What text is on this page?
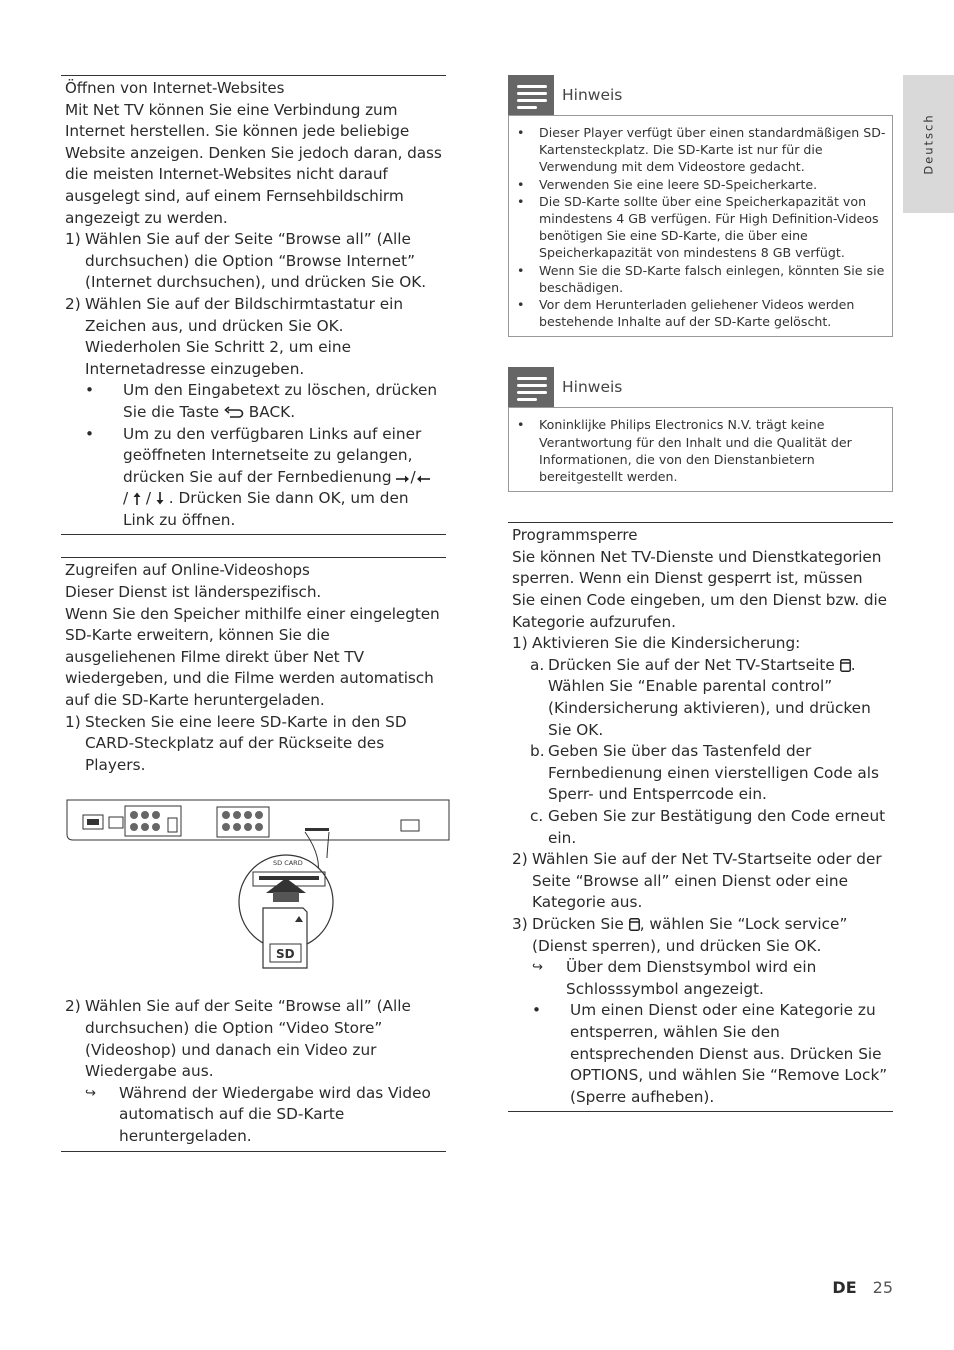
Öffnen von Internet-Websites

Mit Net TV können Sie eine Verbindung zum Internet herstellen. Sie können jede beliebige Website anzeigen. Denken Sie jedoch daran, dass die meisten Internet-Websites nicht darauf ausgelegt sind, auf einem Fernsehbildschirm angezeigt zu werden.

1) Wählen Sie auf der Seite “Browse all” (Alle durchsuchen) die Option “Browse Internet” (Internet durchsuchen), und drücken Sie OK.
2) Wählen Sie auf der Bildschirmtastatur ein Zeichen aus, und drücken Sie OK. Wiederholen Sie Schritt 2, um eine Internetadresse einzugeben.
•	Um den Eingabetext zu löschen, drücken Sie die Taste  BACK.
•	Um zu den verfügbaren Links auf einer geöffneten Internetseite zu gelangen, drücken Sie auf der Fernbedienung /
/  /  . Drücken Sie dann OK, um den Link zu öffnen.
Zugreifen auf Online-Videoshops

Dieser Dienst ist länderspezifisch.

Wenn Sie den Speicher mithilfe einer eingelegten SD-Karte erweitern, können Sie die ausgeliehenen Filme direkt über Net TV wiedergeben, und die Filme werden automatisch auf die SD-Karte heruntergeladen.

1) Stecken Sie eine leere SD-Karte in den SD CARD-Steckplatz auf der Rückseite des Players.
SD CARD
SD
2) Wählen Sie auf der Seite “Browse all” (Alle durchsuchen) die Option “Video Store” (Videoshop) und danach ein Video zur Wiedergabe aus.
↪	Während der Wiedergabe wird das Video automatisch auf die SD-Karte heruntergeladen.
Hinweis
•	Dieser Player verfügt über einen standardmäßigen SD-Kartensteckplatz. Die SD-Karte ist nur für die Verwendung mit dem Videostore gedacht.
•	Verwenden Sie eine leere SD-Speicherkarte.
•	Die SD-Karte sollte über eine Speicherkapazität von mindestens 4 GB verfügen. Für High Definition-Videos benötigen Sie eine SD-Karte, die über eine Speicherkapazität von mindestens 8 GB verfügt.
•	Wenn Sie die SD-Karte falsch einlegen, könnten Sie sie beschädigen.
•	Vor dem Herunterladen geliehener Videos werden bestehende Inhalte auf der SD-Karte gelöscht.
Hinweis
•	Koninklijke Philips Electronics N.V. trägt keine Verantwortung für den Inhalt und die Qualität der Informationen, die von den Dienstanbietern bereitgestellt werden.
Programmsperre

Sie können Net TV-Dienste und Dienstkategorien sperren. Wenn ein Dienst gesperrt ist, müssen Sie einen Code eingeben, um den Dienst bzw. die Kategorie aufzurufen.

1) Aktivieren Sie die Kindersicherung:
a. Drücken Sie auf der Net TV-Startseite . Wählen Sie “Enable parental control” (Kindersicherung aktivieren), und drücken Sie OK.
b. Geben Sie über das Tastenfeld der Fernbedienung einen vierstelligen Code als Sperr- und Entsperrcode ein.
c. Geben Sie zur Bestätigung den Code erneut ein.
2) Wählen Sie auf der Net TV-Startseite oder der Seite “Browse all” einen Dienst oder eine Kategorie aus.
3) Drücken Sie , wählen Sie “Lock service” (Dienst sperren), und drücken Sie OK.
↪	Über dem Dienstsymbol wird ein Schlosssymbol angezeigt.
•	Um einen Dienst oder eine Kategorie zu entsperren, wählen Sie den entsprechenden Dienst aus. Drücken Sie OPTIONS, und wählen Sie “Remove Lock” (Sperre aufheben).
Deutsch
DE 25
